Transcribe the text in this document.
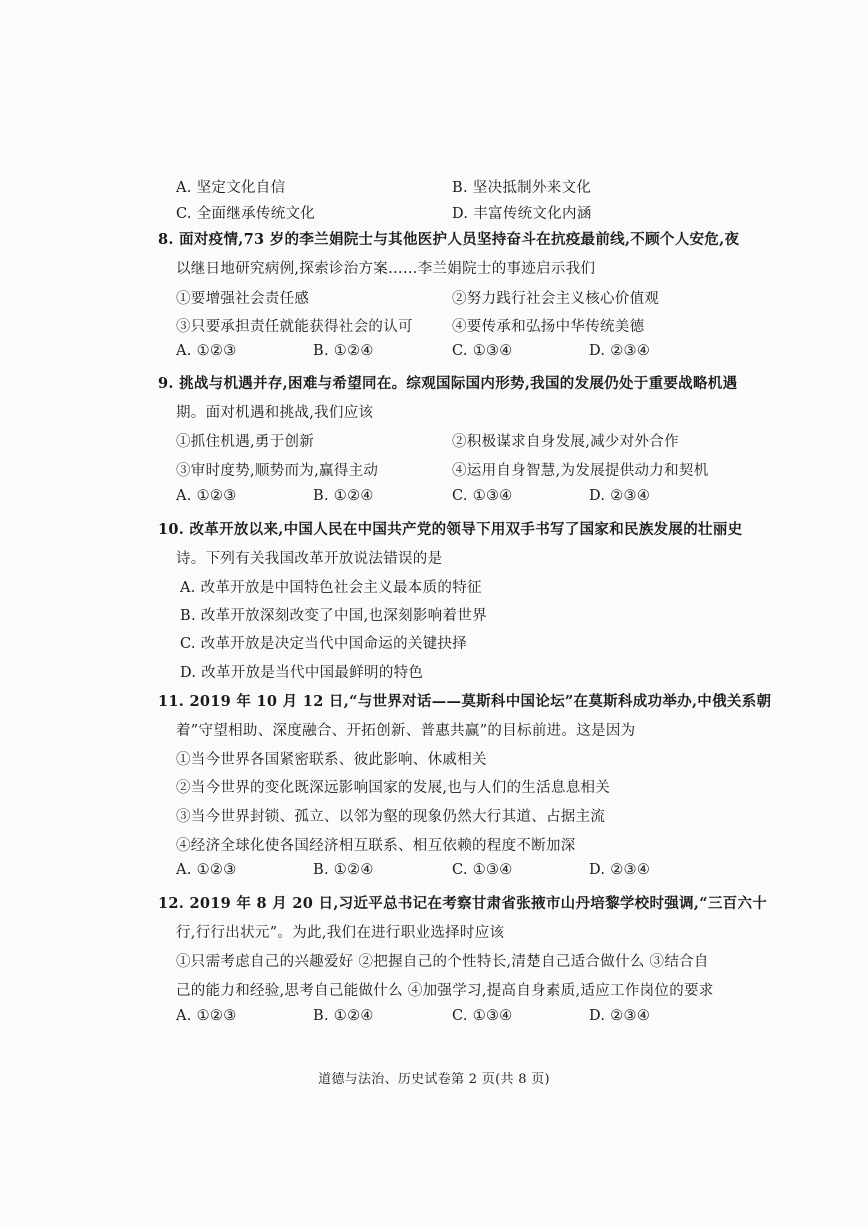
A. 坚定文化自信	B. 坚决抵制外来文化
C. 全面继承传统文化	D. 丰富传统文化内涵
8. 面对疫情,73 岁的李兰娟院士与其他医护人员坚持奋斗在抗疫最前线,不顾个人安危,夜
以继日地研究病例,探索诊治方案……李兰娟院士的事迹启示我们
①要增强社会责任感	②努力践行社会主义核心价值观
③只要承担责任就能获得社会的认可	④要传承和弘扬中华传统美德
A. ①②③	B. ①②④	C. ①③④	D. ②③④
9. 挑战与机遇并存,困难与希望同在。综观国际国内形势,我国的发展仍处于重要战略机遇
期。面对机遇和挑战,我们应该
①抓住机遇,勇于创新	②积极谋求自身发展,减少对外合作
③审时度势,顺势而为,赢得主动	④运用自身智慧,为发展提供动力和契机
A. ①②③	B. ①②④	C. ①③④	D. ②③④
10. 改革开放以来,中国人民在中国共产党的领导下用双手书写了国家和民族发展的壮丽史
诗。下列有关我国改革开放说法错误的是
A. 改革开放是中国特色社会主义最本质的特征
B. 改革开放深刻改变了中国,也深刻影响着世界
C. 改革开放是决定当代中国命运的关键抉择
D. 改革开放是当代中国最鲜明的特色
11. 2019 年 10 月 12 日,“与世界对话——莫斯科中国论坛”在莫斯科成功举办,中俄关系朝
着”守望相助、深度融合、开拓创新、普惠共赢”的目标前进。这是因为
①当今世界各国紧密联系、彼此影响、休戚相关
②当今世界的变化既深远影响国家的发展,也与人们的生活息息相关
③当今世界封锁、孤立、以邻为壑的现象仍然大行其道、占据主流
④经济全球化使各国经济相互联系、相互依赖的程度不断加深
A. ①②③	B. ①②④	C. ①③④	D. ②③④
12. 2019 年 8 月 20 日,习近平总书记在考察甘肃省张掖市山丹培黎学校时强调,“三百六十
行,行行出状元”。为此,我们在进行职业选择时应该
①只需考虑自己的兴趣爱好 ②把握自己的个性特长,清楚自己适合做什么 ③结合自
己的能力和经验,思考自己能做什么 ④加强学习,提高自身素质,适应工作岗位的要求
A. ①②③	B. ①②④	C. ①③④	D. ②③④
道德与法治、历史试卷第 2 页(共 8 页)
